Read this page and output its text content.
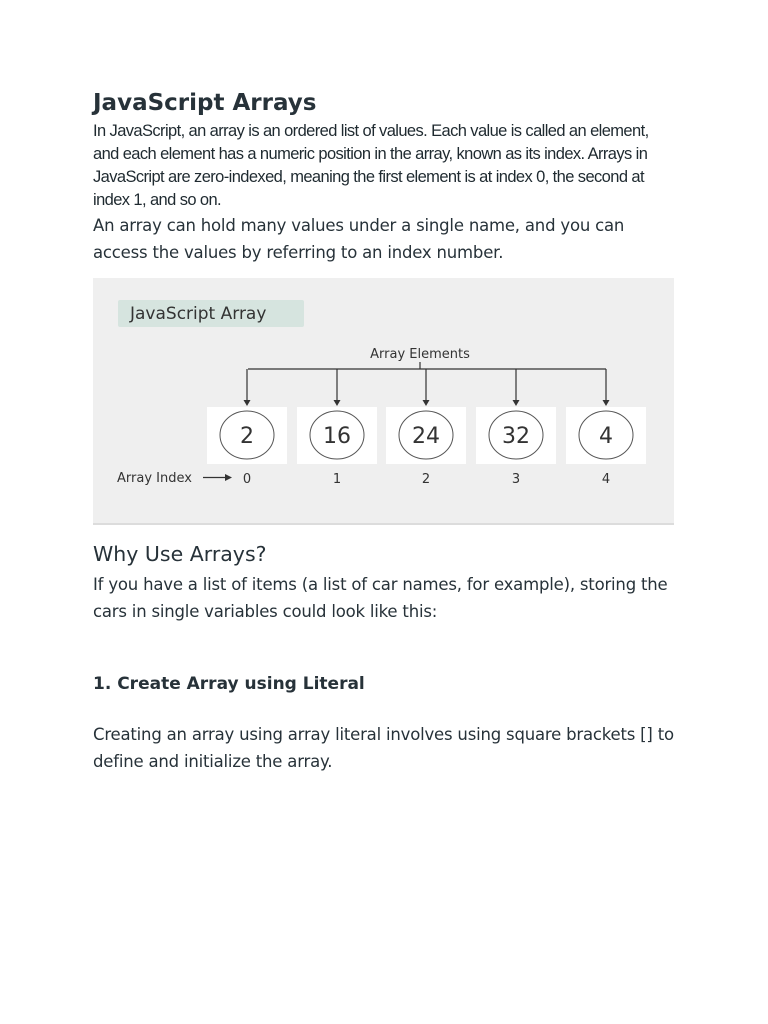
JavaScript Arrays

In JavaScript, an array is an ordered list of values. Each value is called an element, and each element has a numeric position in the array, known as its index. Arrays in JavaScript are zero-indexed, meaning the first element is at index 0, the second at index 1, and so on.

An array can hold many values under a single name, and you can access the values by referring to an index number.

JavaScript Array
Array Elements
2
0
16
1
24
2
32
3
4
4
Array Index
Why Use Arrays?

If you have a list of items (a list of car names, for example), storing the cars in single variables could look like this:

1. Create Array using Literal

Creating an array using array literal involves using square brackets [] to define and initialize the array.
